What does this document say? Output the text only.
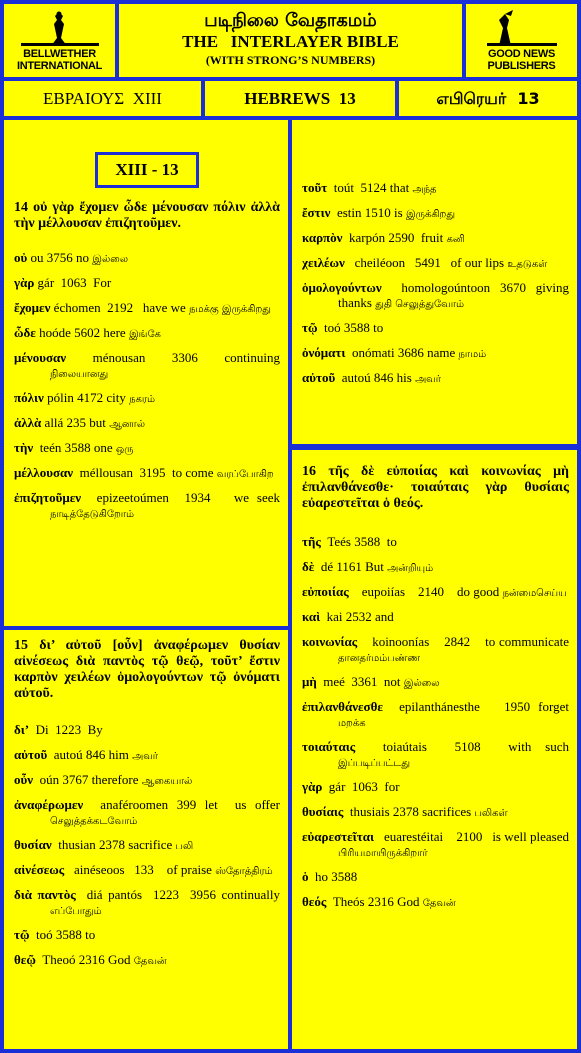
BELLWETHER
INTERNATIONAL
படிநிலை வேதாகமம்
THE   INTERLAYER BIBLE
(WITH STRONG’S NUMBERS)	GOOD NEWS
PUBLISHERS
ΕΒΡΑΙΟΥΣ  XIII	HEBREWS  13	எபிரெயர்  13
XIII - 13
14 οὐ γὰρ ἔχομεν ὧδε μένουσαν πόλιν ἀλλὰ τὴν μέλλουσαν ἐπιζητοῦμεν.
οὐ ou 3756 no இல்லை
γὰρ gár  1063  For
ἔχομεν échomen  2192   have we நமக்கு இருக்கிறது
ὧδε hoóde 5602 here இங்கே
μένουσαν  ménousan  3306  continuing நிலையானது
πόλιν pólin 4172 city நகரம்
ἀλλὰ allá 235 but ஆனால்
τὴν  teén 3588 one ஒரு
μέλλουσαν  méllousan  3195  to come வரப்போகிற
ἐπιζητοῦμεν  epizeetoúmen  1934   we seek நாடித்தேடுகிறோம்
15 δι’ αὐτοῦ [οὖν] ἀναφέρωμεν θυσίαν αἰνέσεως διὰ παντὸς τῷ θεῷ, τοῦτ’ ἔστιν καρπὸν χειλέων ὁμολογούντων τῷ ὀνόματι αὐτοῦ.
δι’  Di  1223  By
αὐτοῦ  autoú 846 him அவர்
οὖν  oún 3767 therefore ஆகையால்
ἀναφέρωμεν  anaféroomen 399 let  us offer செலுத்தக்கடவோம்
θυσίαν  thusian 2378 sacrifice பலி
αἰνέσεως   ainéseoos   133    of praise ஸ்தோத்திரம்
διὰ παντὸς  diá pantós  1223  3956 continually எப்போதும்
τῷ  toó 3588 to
θεῷ  Theoó 2316 God தேவன்
τοῦτ  toút  5124 that அந்த
ἔστιν  estin 1510 is இருக்கிறது
καρπὸν  karpón 2590  fruit கனி
χειλέων   cheiléoon   5491   of our lips உதடுகள்
ὁμολογούντων  homologoúntoon 3670 giving thanks துதி செலுத்துவோம்
τῷ  toó 3588 to
ὀνόματι  onómati 3686 name நாமம்
αὐτοῦ  autoú 846 his அவர்
16 τῆς δὲ εὐποιίας καὶ κοινωνίας μὴ ἐπιλανθάνεσθε· τοιαύταις γὰρ θυσίαις εὐαρεστεῖται ὁ θεός.
τῆς  Teés 3588  to
δὲ  dé 1161 But அன்றியும்
εὐποιίας    eupoiías    2140    do good நன்மைசெய்ய
καὶ  kai 2532 and
κοινωνίας    koinoonías    2842    to communicate தானதர்மம்பண்ண
μὴ  meé  3361  not இல்லை
ἐπιλανθάνεσθε  epilanthánesthe   1950 forget மறக்க
τοιαύταις  toiaútais  5108  with such இப்படிப்பட்டது
γὰρ  gár  1063  for
θυσίαις  thusiais 2378 sacrifices பலிகள்
εὐαρεστεῖται   euarestéitai    2100   is well pleased பிரியமாயிருக்கிறார்
ὁ  ho 3588
θεός  Theós 2316 God தேவன்
